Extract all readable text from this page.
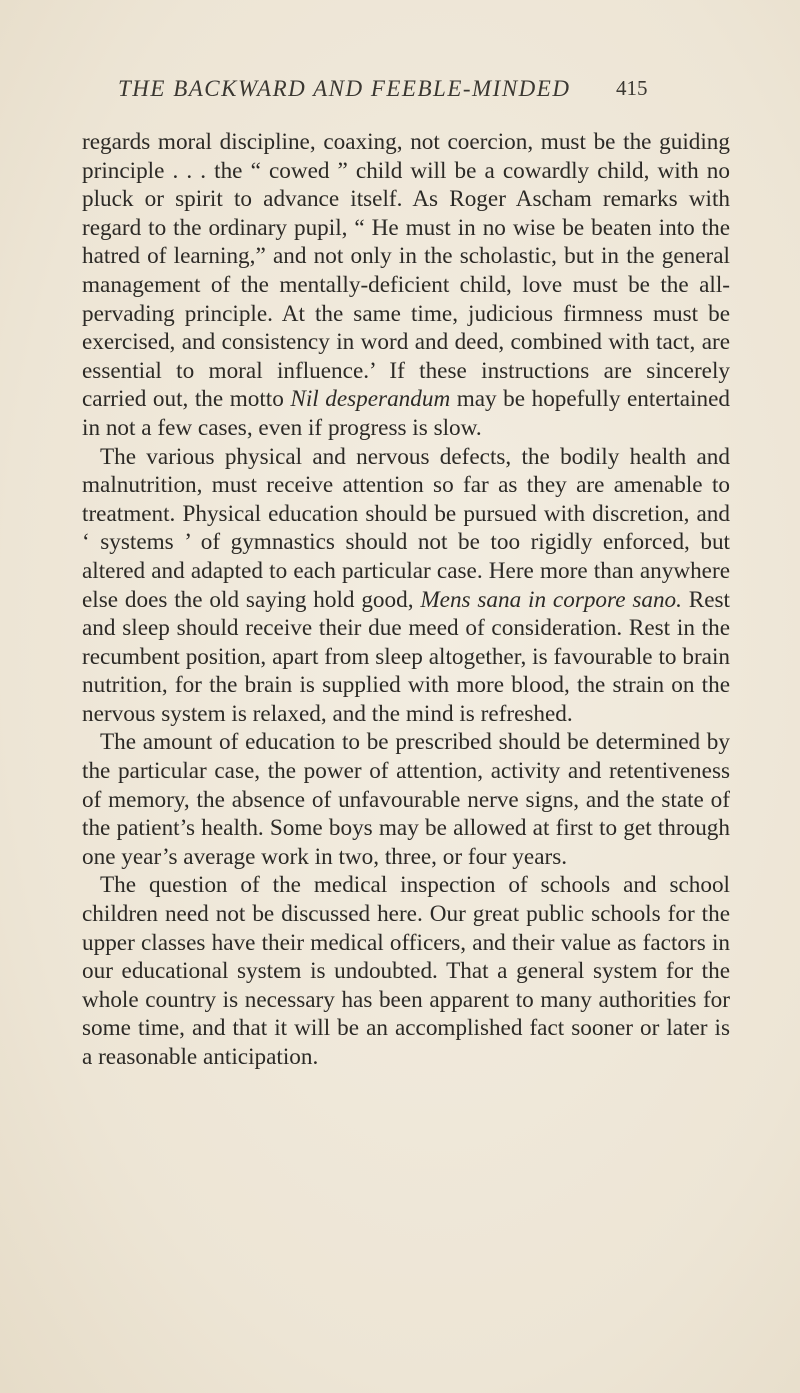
THE BACKWARD AND FEEBLE-MINDED	415

regards moral discipline, coaxing, not coercion, must be the guiding principle . . . the “ cowed ” child will be a cowardly child, with no pluck or spirit to advance itself. As Roger Ascham remarks with regard to the ordinary pupil, “ He must in no wise be beaten into the hatred of learning,” and not only in the scholastic, but in the general management of the mentally-deficient child, love must be the all-pervading principle. At the same time, judicious firmness must be exercised, and consistency in word and deed, combined with tact, are essential to moral influence.’ If these instructions are sincerely carried out, the motto Nil desperandum may be hopefully entertained in not a few cases, even if progress is slow.

The various physical and nervous defects, the bodily health and malnutrition, must receive attention so far as they are amenable to treatment. Physical education should be pursued with discretion, and ‘ systems ’ of gymnastics should not be too rigidly enforced, but altered and adapted to each particular case. Here more than anywhere else does the old saying hold good, Mens sana in corpore sano. Rest and sleep should receive their due meed of consideration. Rest in the recumbent position, apart from sleep altogether, is favourable to brain nutrition, for the brain is supplied with more blood, the strain on the nervous system is relaxed, and the mind is refreshed.

The amount of education to be prescribed should be determined by the particular case, the power of attention, activity and retentiveness of memory, the absence of unfavourable nerve signs, and the state of the patient’s health. Some boys may be allowed at first to get through one year’s average work in two, three, or four years.

The question of the medical inspection of schools and school children need not be discussed here. Our great public schools for the upper classes have their medical officers, and their value as factors in our educational system is undoubted. That a general system for the whole country is necessary has been apparent to many authorities for some time, and that it will be an accomplished fact sooner or later is a reasonable anticipation.
